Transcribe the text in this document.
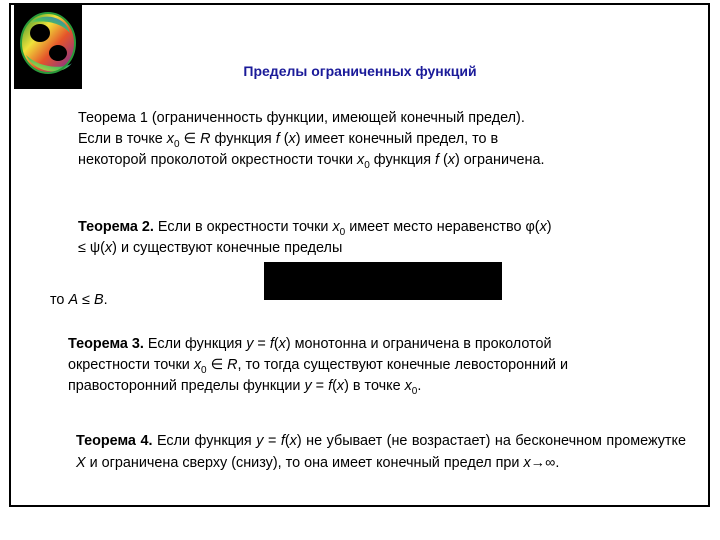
Пределы ограниченных функций
Теорема 1 (ограниченность функции, имеющей конечный предел).
Если в точке $x_0$ ∈ R функция f (x) имеет конечный предел, то в
некоторой проколотой окрестности точки $x_0$ функция f (x) ограничена.
Теорема 2. Если в окрестности точки $x_0$ имеет место неравенство φ(x)
≤ ψ(x) и существуют конечные пределы
то A ≤ B.
Теорема 3. Если функция y = f(x) монотонна и ограничена в проколотой
окрестности точки $x_0$ ∈ R, то тогда существуют конечные левосторонний и
правосторонний пределы функции y = f(x) в точке $x_0$.
Теорема 4. Если функция y = f(x) не убывает (не возрастает) на бесконечном промежутке X и ограничена сверху (снизу), то она имеет конечный предел при x→∞.
